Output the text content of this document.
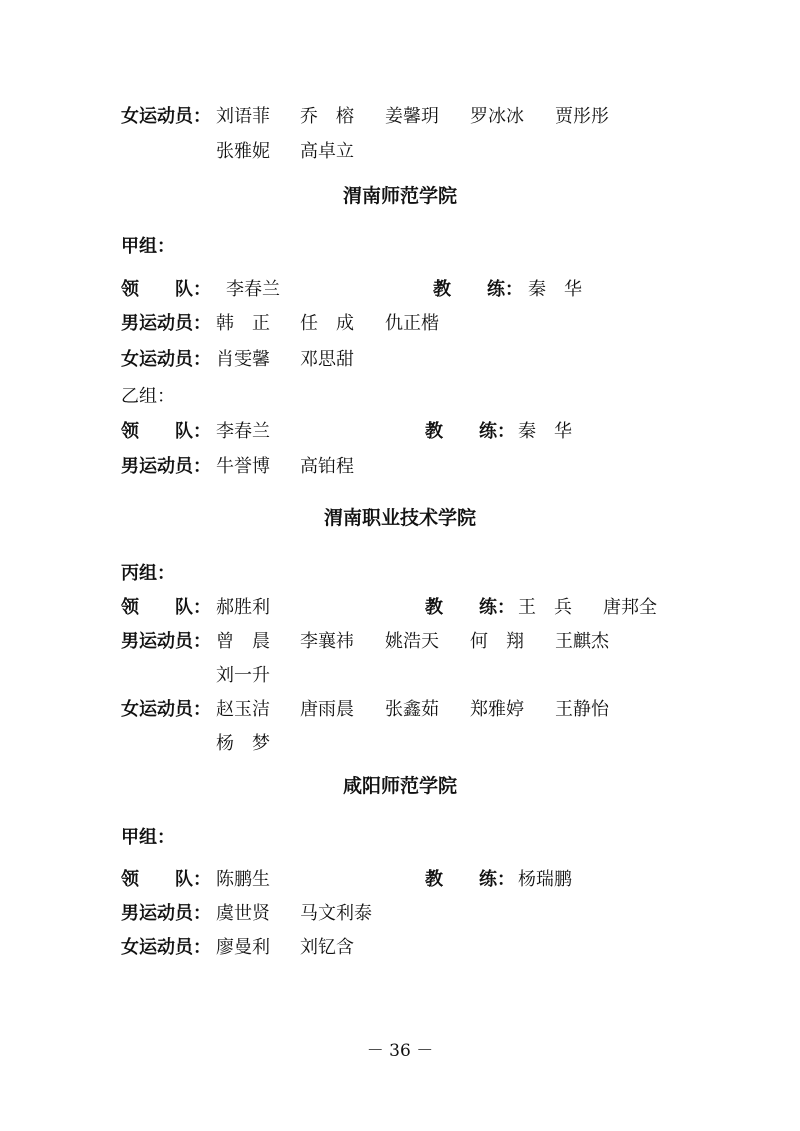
女运动员： 刘语菲 乔　榕 姜馨玥 罗冰冰 贾彤彤
张雅妮 高卓立
渭南师范学院
甲组：
领　　队： 李春兰	教　　练： 秦　华
男运动员： 韩　正 任　成 仇正楷
女运动员： 肖雯馨 邓思甜
乙组：
领　　队： 李春兰	教　　练： 秦　华
男运动员： 牛誉博 高铂程
渭南职业技术学院
丙组：
领　　队： 郝胜利	教　　练： 王　兵 唐邦全
男运动员： 曾　晨 李襄祎 姚浩天 何　翔 王麒杰
刘一升
女运动员： 赵玉洁 唐雨晨 张鑫茹 郑雅婷 王静怡
杨　梦
咸阳师范学院
甲组：
领　　队： 陈鹏生	教　　练： 杨瑞鹏
男运动员： 虞世贤 马文利泰
女运动员： 廖曼利 刘钇含
－ 36 －
